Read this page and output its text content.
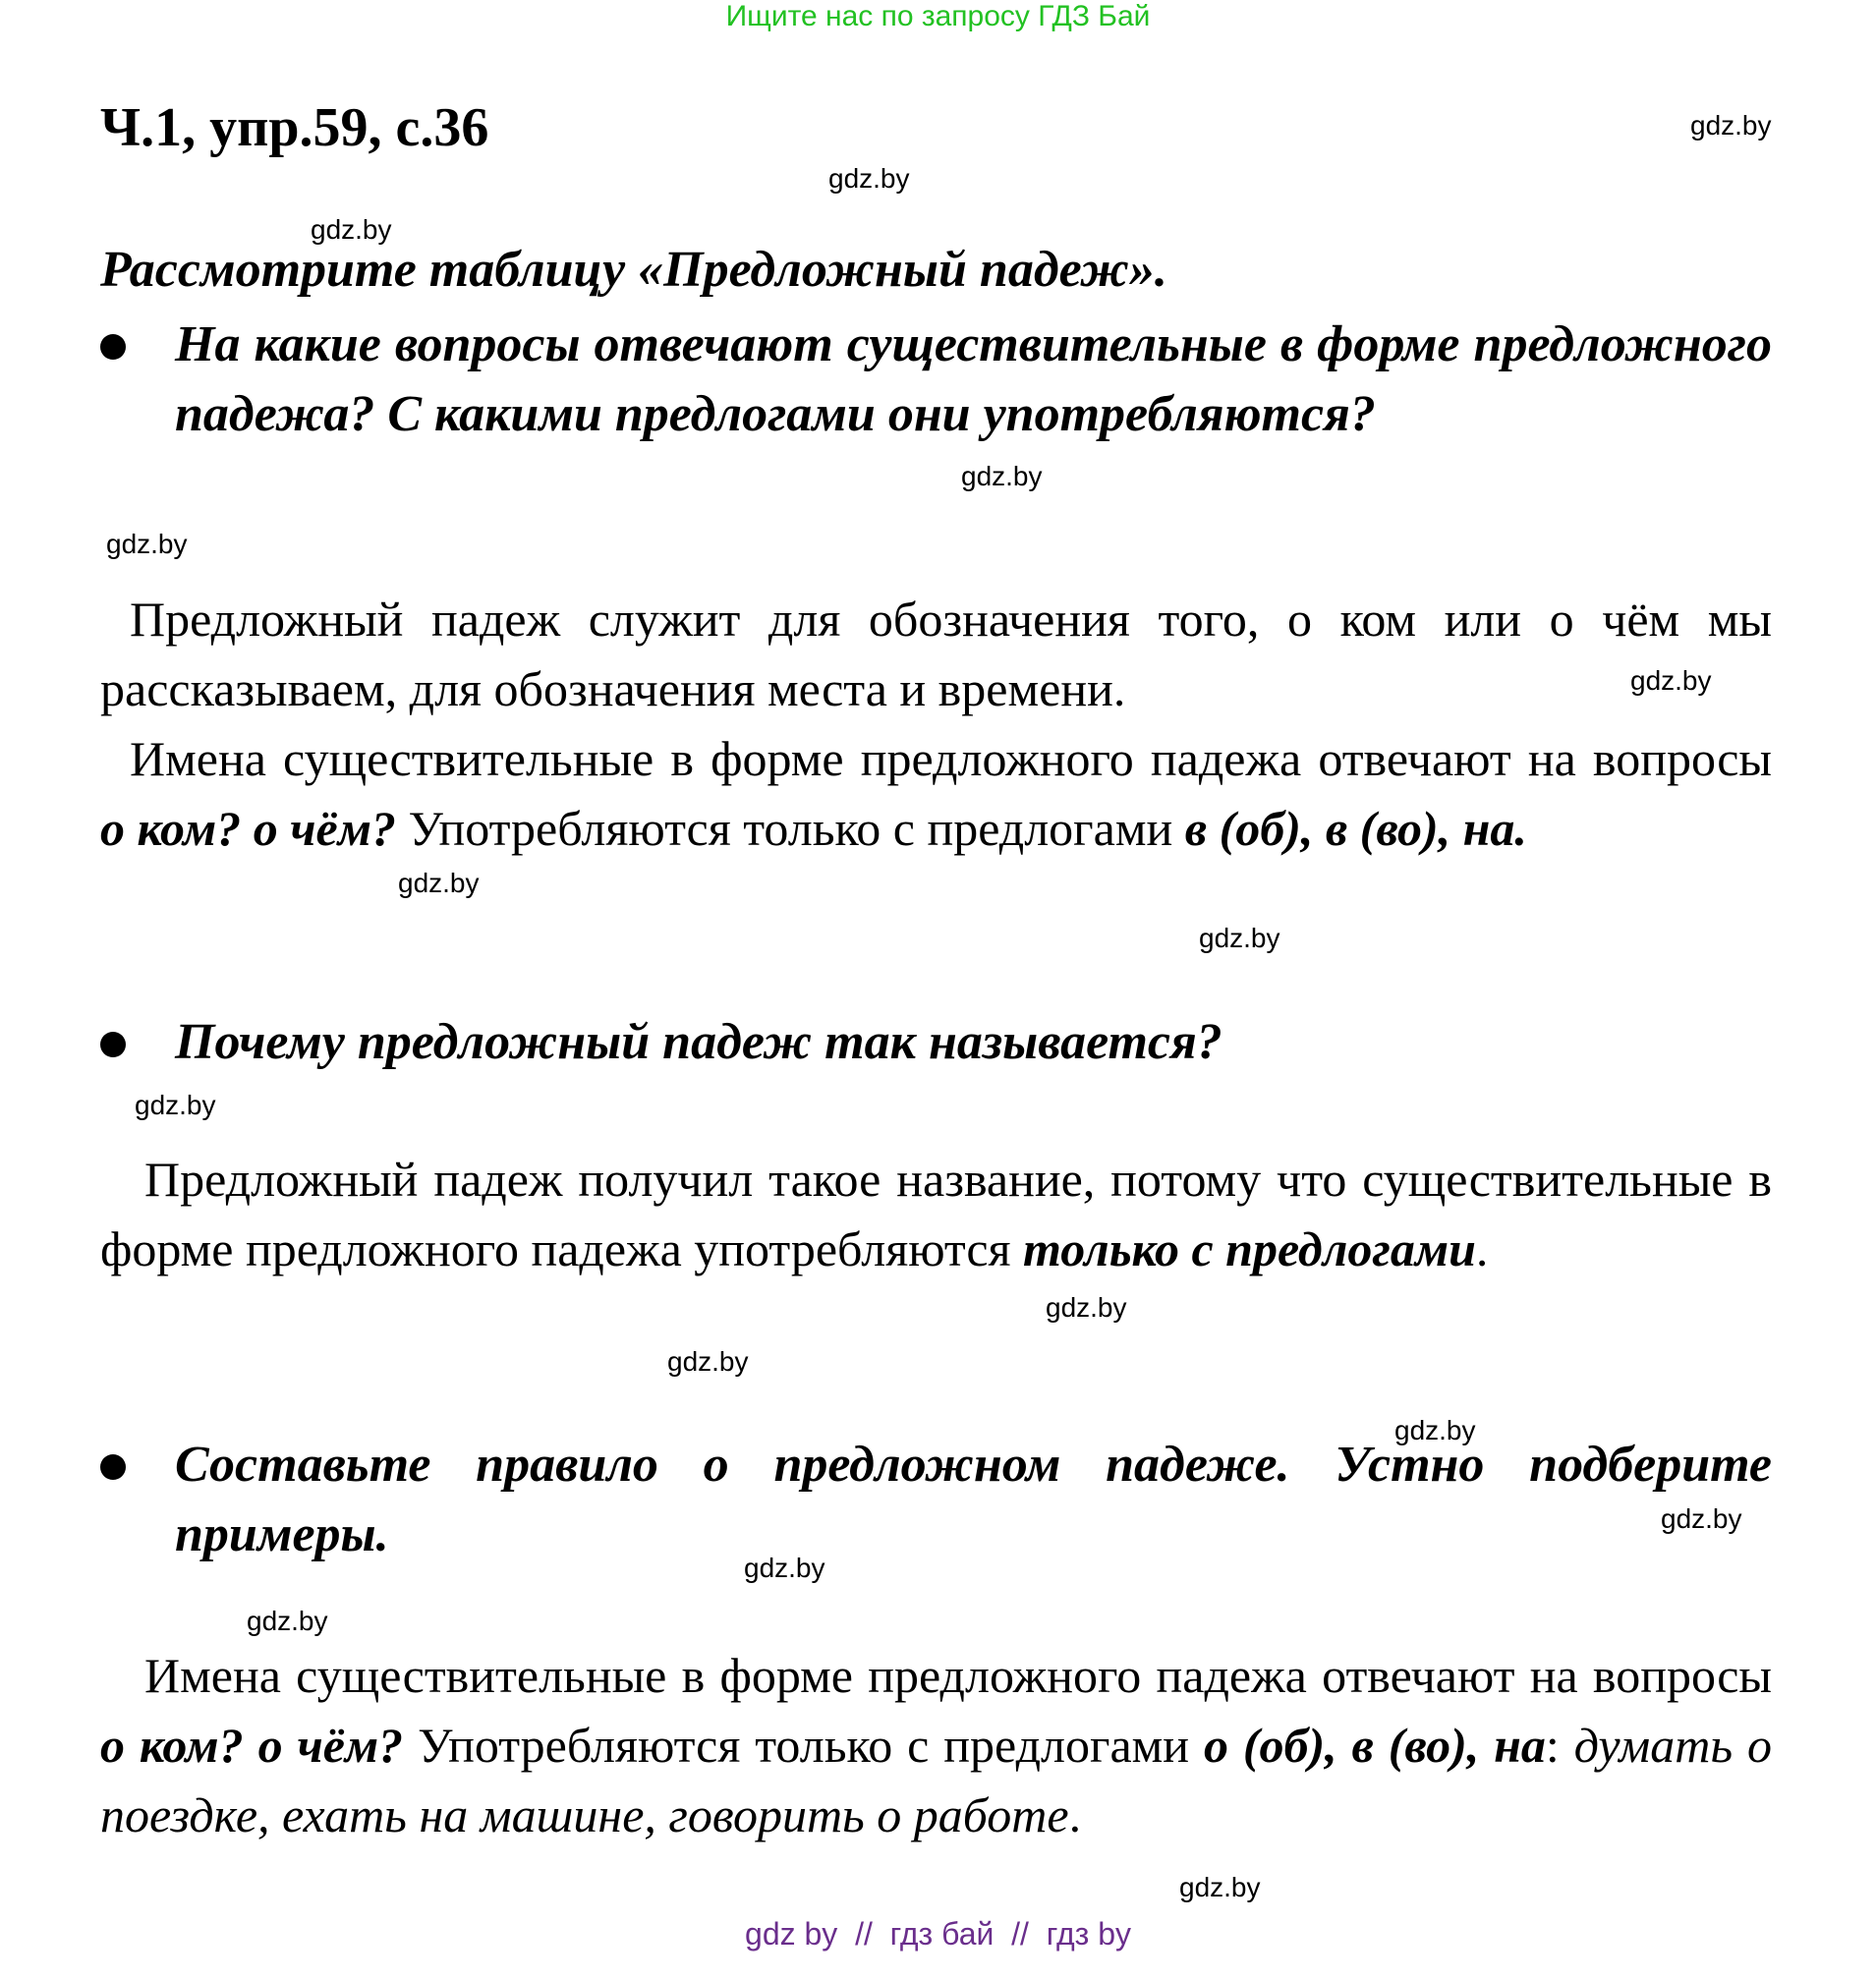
Ищите нас по запросу ГДЗ Бай
Ч.1, упр.59, с.36

Рассмотрите таблицу «Предложный падеж».

На какие вопросы отвечают существительные в форме предложного падежа? С какими предлогами они употребляются?

Предложный падеж служит для обозначения того, о ком или о чём мы рассказываем, для обозначения места и времени.

Имена существительные в форме предложного падежа отвечают на вопросы о ком? о чём? Употребляются только с предлогами в (об), в (во), на.

Почему предложный падеж так называется?

Предложный падеж получил такое название, потому что существительные в форме предложного падежа употребляются только с предлогами.

Составьте правило о предложном падеже. Устно подберите примеры.

Имена существительные в форме предложного падежа отвечают на вопросы о ком? о чём? Употребляются только с предлогами о (об), в (во), на: думать о поездке, ехать на машине, говорить о работе.

gdz.by
gdz.by
gdz.by
gdz.by
gdz.by
gdz.by
gdz.by
gdz.by
gdz.by
gdz.by
gdz.by
gdz.by
gdz.by
gdz.by
gdz.by
gdz.by
gdz by  //  гдз бай  //  гдз by
